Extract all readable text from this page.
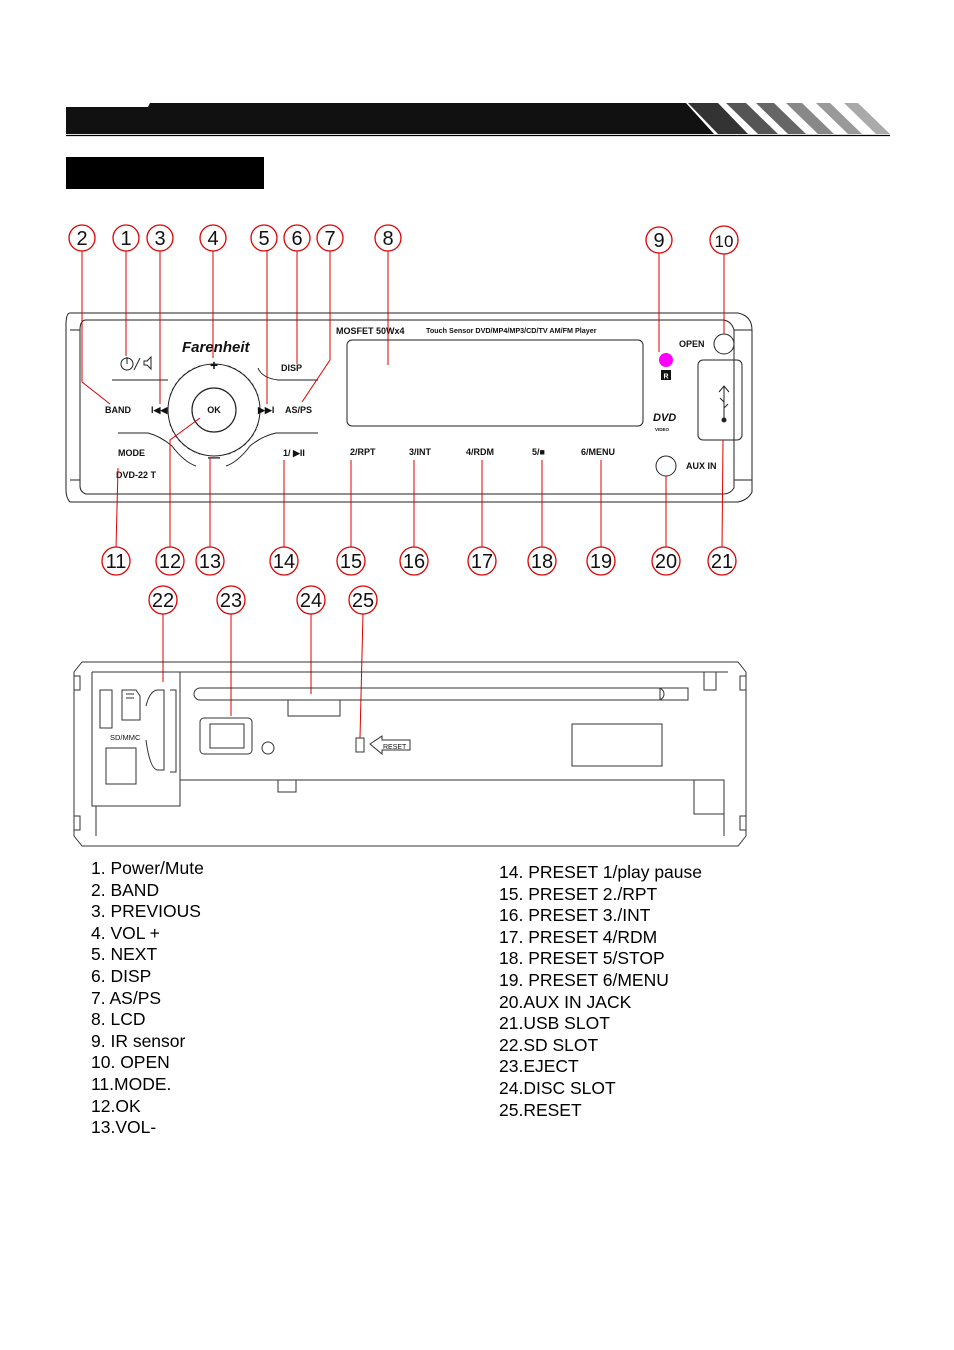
R
Farenheit
MOSFET 50Wx4	Touch Sensor DVD/MP4/MP3/CD/TV AM/FM Player
OPEN
DISP
BAND I◀◀	OK	▶▶I AS/PS
+
—
MODE
DVD-22 T
1/ ▶II	2/RPT	3/INT	4/RDM	5/■	6/MENU
AUX IN
DVD
VIDEO
1
2	3 4 5 6 7 8	9	10
11 12 13	14 15 16 17 18 19 20 21
22 23	24 25
SD/MMC
RESET
1. Power/Mute
2. BAND
3. PREVIOUS
4. VOL +
5. NEXT
6. DISP
7. AS/PS
8. LCD
9. IR sensor
10. OPEN
11.MODE.
12.OK
13.VOL-
14. PRESET 1/play pause
15. PRESET 2./RPT
16. PRESET 3./INT
17. PRESET 4/RDM
18. PRESET 5/STOP
19. PRESET 6/MENU
20.AUX IN JACK
21.USB SLOT
22.SD SLOT
23.EJECT
24.DISC SLOT
25.RESET
